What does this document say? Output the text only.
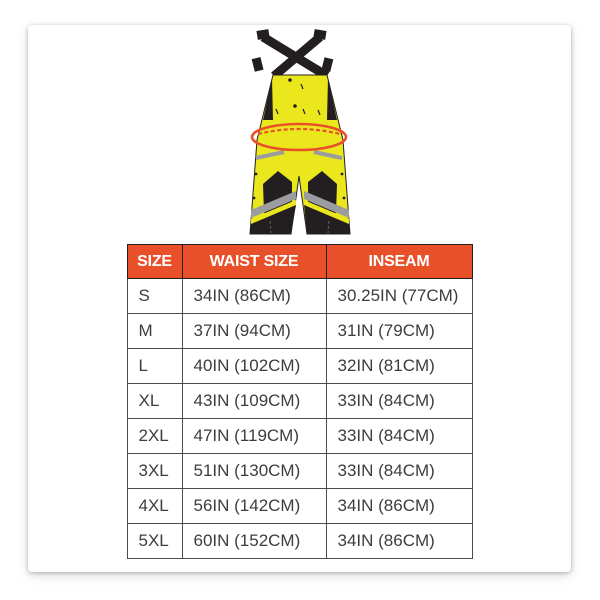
SIZE	WAIST SIZE	INSEAM
S	34IN (86CM)	30.25IN (77CM)
M	37IN (94CM)	31IN (79CM)
L	40IN (102CM)	32IN (81CM)
XL	43IN (109CM)	33IN (84CM)
2XL	47IN (119CM)	33IN (84CM)
3XL	51IN (130CM)	33IN (84CM)
4XL	56IN (142CM)	34IN (86CM)
5XL	60IN (152CM)	34IN (86CM)
